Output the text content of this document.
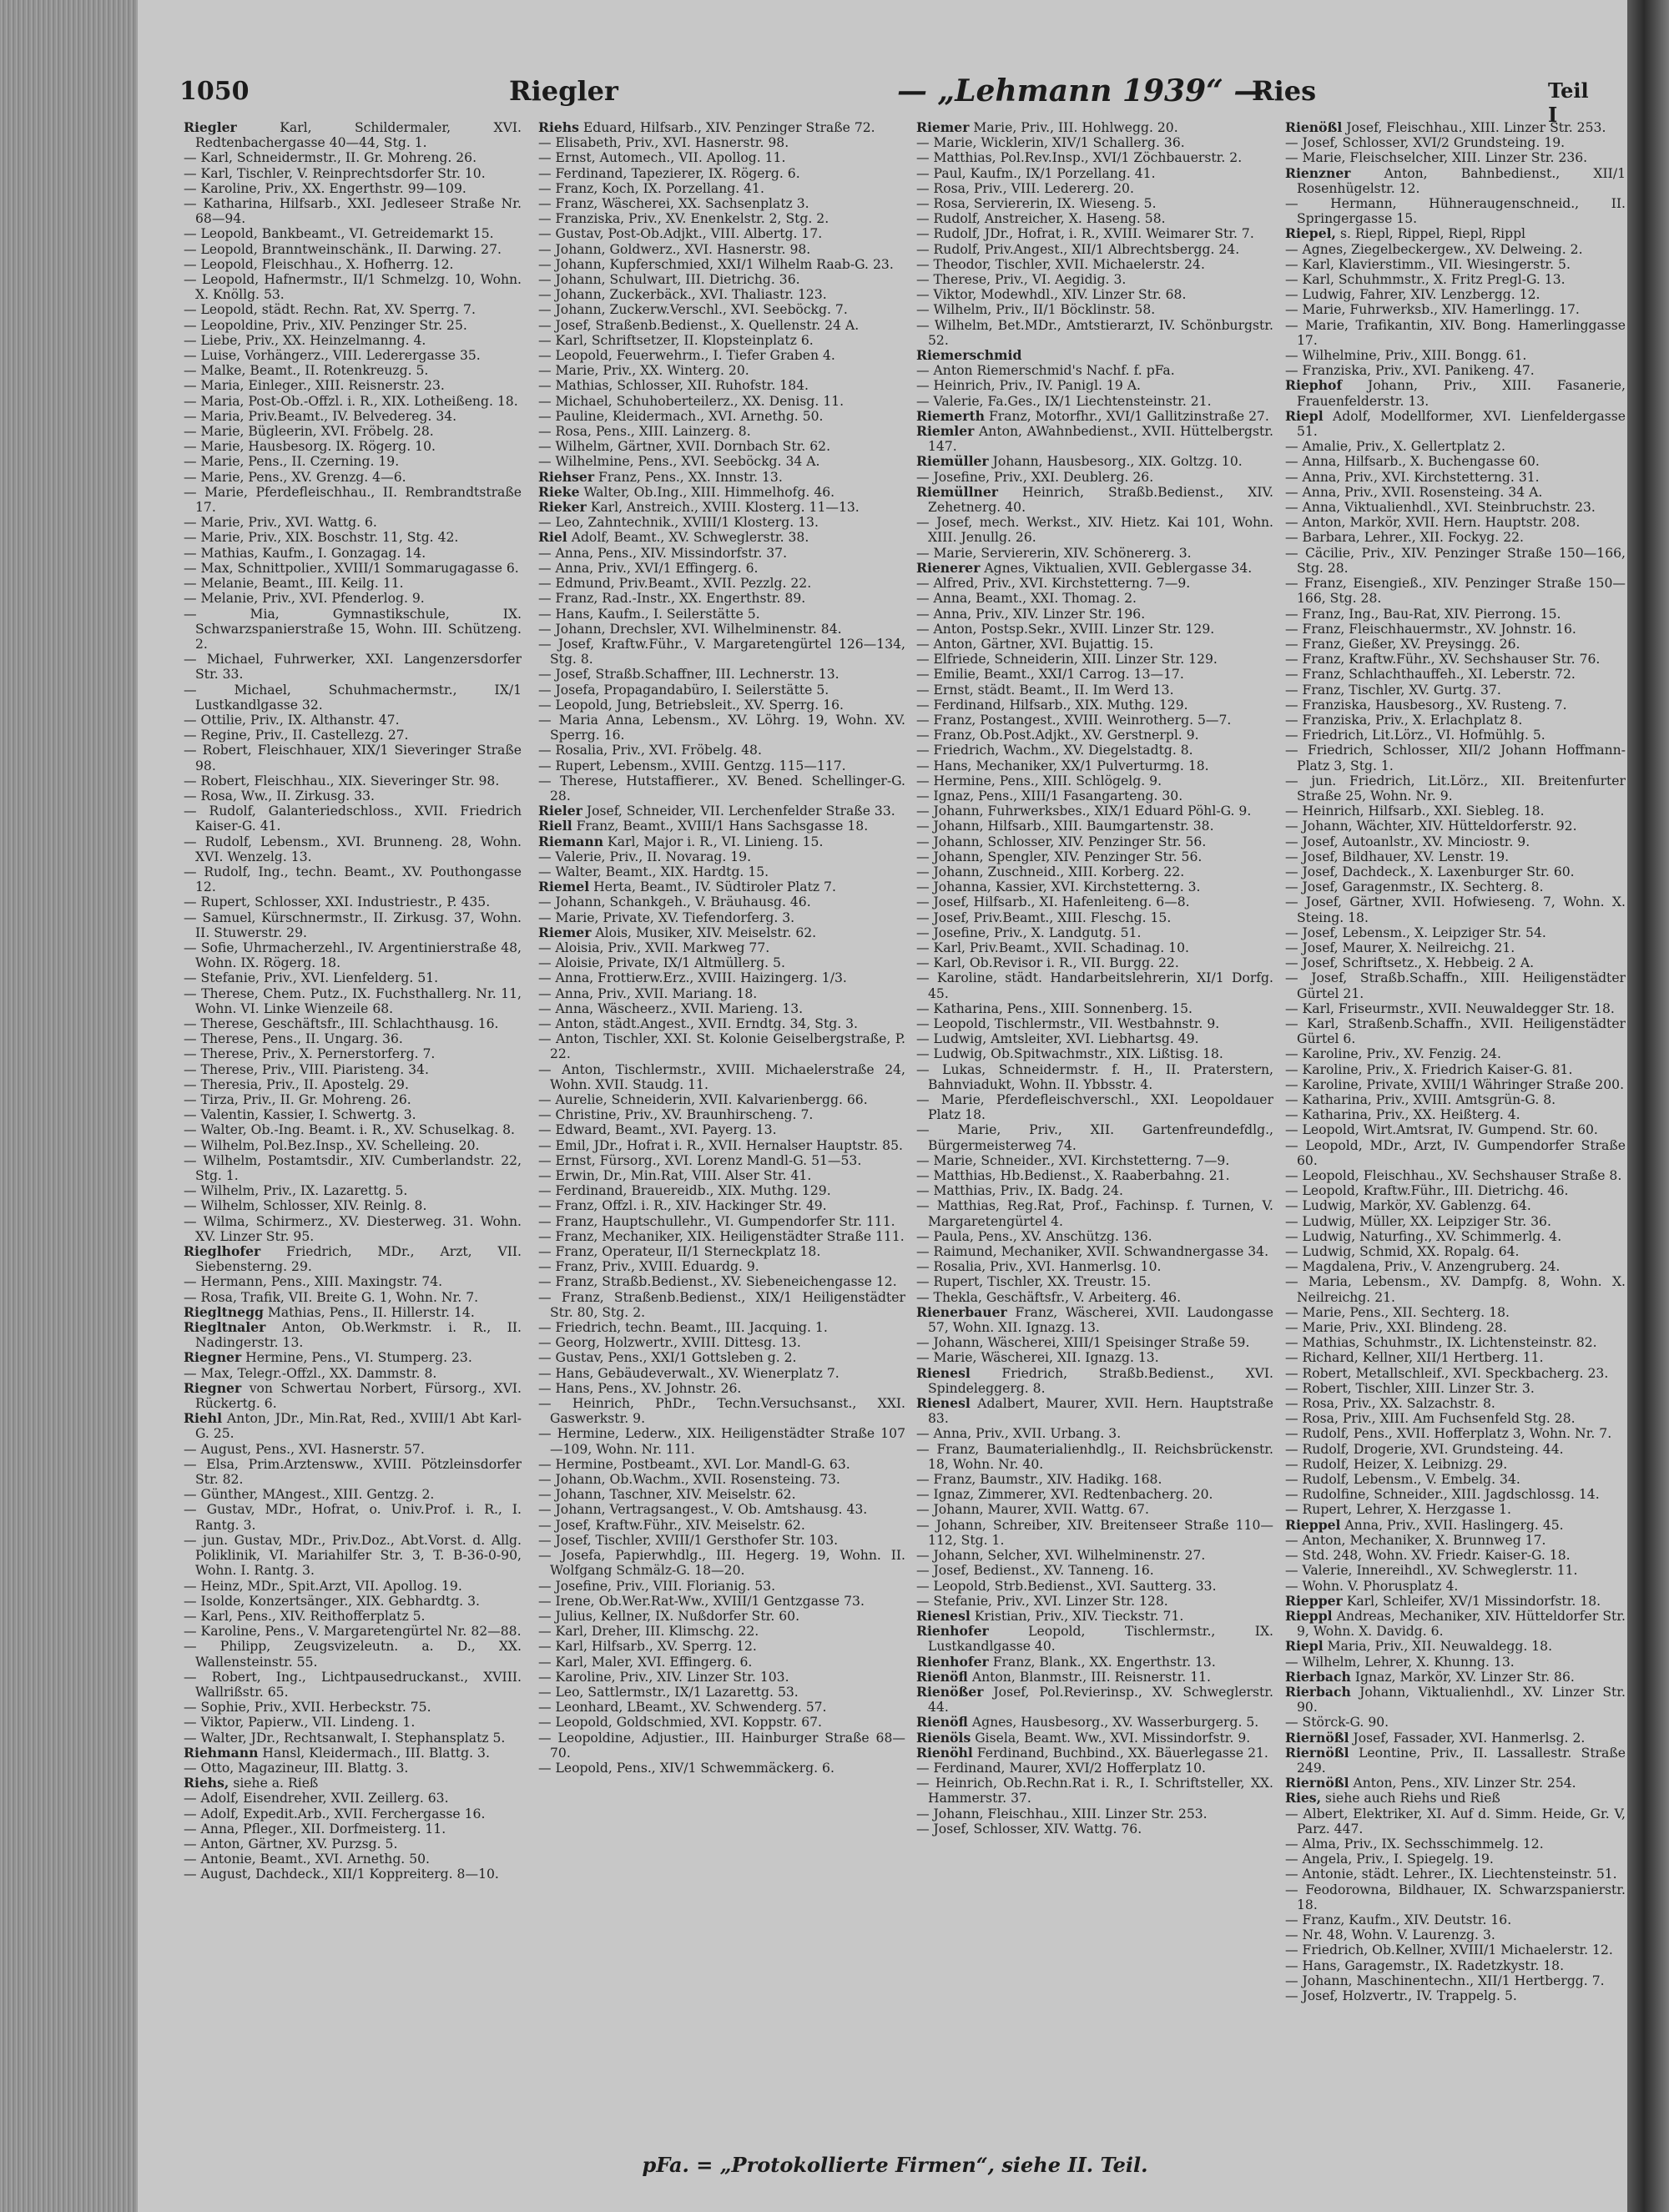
1050	Riegler	— „Lehmann 1939“ —
Ries	Teil I
Riegler Karl, Schildermaler, XVI. Redtenbachergasse 40—44, Stg. 1.
— Karl, Schneidermstr., II. Gr. Mohreng. 26.
— Karl, Tischler, V. Reinprechtsdorfer Str. 10.
— Karoline, Priv., XX. Engerthstr. 99—109.
— Katharina, Hilfsarb., XXI. Jedleseer Straße Nr. 68—94.
— Leopold, Bankbeamt., VI. Getreidemarkt 15.
— Leopold, Branntweinschänk., II. Darwing. 27.
— Leopold, Fleischhau., X. Hofherrg. 12.
— Leopold, Hafnermstr., II/1 Schmelzg. 10, Wohn. X. Knöllg. 53.
— Leopold, städt. Rechn. Rat, XV. Sperrg. 7.
— Leopoldine, Priv., XIV. Penzinger Str. 25.
— Liebe, Priv., XX. Heinzelmanng. 4.
— Luise, Vorhängerz., VIII. Lederergasse 35.
— Malke, Beamt., II. Rotenkreuzg. 5.
— Maria, Einleger., XIII. Reisnerstr. 23.
— Maria, Post-Ob.-Offzl. i. R., XIX. Lotheißeng. 18.
— Maria, Priv.Beamt., IV. Belvedereg. 34.
— Marie, Bügleerin, XVI. Fröbelg. 28.
— Marie, Hausbesorg. IX. Rögerg. 10.
— Marie, Pens., II. Czerning. 19.
— Marie, Pens., XV. Grenzg. 4—6.
— Marie, Pferdefleischhau., II. Rembrandtstraße 17.
— Marie, Priv., XVI. Wattg. 6.
— Marie, Priv., XIX. Boschstr. 11, Stg. 42.
— Mathias, Kaufm., I. Gonzagag. 14.
— Max, Schnittpolier., XVIII/1 Sommarugagasse 6.
— Melanie, Beamt., III. Keilg. 11.
— Melanie, Priv., XVI. Pfenderlog. 9.
— Mia, Gymnastikschule, IX. Schwarzspanierstraße 15, Wohn. III. Schützeng. 2.
— Michael, Fuhrwerker, XXI. Langenzersdorfer Str. 33.
— Michael, Schuhmachermstr., IX/1 Lustkandlgasse 32.
— Ottilie, Priv., IX. Althanstr. 47.
— Regine, Priv., II. Castellezg. 27.
— Robert, Fleischhauer, XIX/1 Sieveringer Straße 98.
— Robert, Fleischhau., XIX. Sieveringer Str. 98.
— Rosa, Ww., II. Zirkusg. 33.
— Rudolf, Galanteriedschloss., XVII. Friedrich Kaiser-G. 41.
— Rudolf, Lebensm., XVI. Brunneng. 28, Wohn. XVI. Wenzelg. 13.
— Rudolf, Ing., techn. Beamt., XV. Pouthongasse 12.
— Rupert, Schlosser, XXI. Industriestr., P. 435.
— Samuel, Kürschnermstr., II. Zirkusg. 37, Wohn. II. Stuwerstr. 29.
— Sofie, Uhrmacherzehl., IV. Argentinierstraße 48, Wohn. IX. Rögerg. 18.
— Stefanie, Priv., XVI. Lienfelderg. 51.
— Therese, Chem. Putz., IX. Fuchsthallerg. Nr. 11, Wohn. VI. Linke Wienzeile 68.
— Therese, Geschäftsfr., III. Schlachthausg. 16.
— Therese, Pens., II. Ungarg. 36.
— Therese, Priv., X. Pernerstorferg. 7.
— Therese, Priv., VIII. Piaristeng. 34.
— Theresia, Priv., II. Apostelg. 29.
— Tirza, Priv., II. Gr. Mohreng. 26.
— Valentin, Kassier, I. Schwertg. 3.
— Walter, Ob.-Ing. Beamt. i. R., XV. Schuselkag. 8.
— Wilhelm, Pol.Bez.Insp., XV. Schelleing. 20.
— Wilhelm, Postamtsdir., XIV. Cumberlandstr. 22, Stg. 1.
— Wilhelm, Priv., IX. Lazarettg. 5.
— Wilhelm, Schlosser, XIV. Reinlg. 8.
— Wilma, Schirmerz., XV. Diesterweg. 31. Wohn. XV. Linzer Str. 95.
Rieglhofer Friedrich, MDr., Arzt, VII. Siebensterng. 29.
— Hermann, Pens., XIII. Maxingstr. 74.
— Rosa, Trafik, VII. Breite G. 1, Wohn. Nr. 7.
Riegltnegg Mathias, Pens., II. Hillerstr. 14.
Riegltnaler Anton, Ob.Werkmstr. i. R., II. Nadingerstr. 13.
Riegner Hermine, Pens., VI. Stumperg. 23.
— Max, Telegr.-Offzl., XX. Dammstr. 8.
Riegner von Schwertau Norbert, Fürsorg., XVI. Rückertg. 6.
Riehl Anton, JDr., Min.Rat, Red., XVIII/1 Abt Karl-G. 25.
— August, Pens., XVI. Hasnerstr. 57.
— Elsa, Prim.Arztensww., XVIII. Pötzleinsdorfer Str. 82.
— Günther, MAngest., XIII. Gentzg. 2.
— Gustav, MDr., Hofrat, o. Univ.Prof. i. R., I. Rantg. 3.
— jun. Gustav, MDr., Priv.Doz., Abt.Vorst. d. Allg. Poliklinik, VI. Mariahilfer Str. 3, T. B-36-0-90, Wohn. I. Rantg. 3.
— Heinz, MDr., Spit.Arzt, VII. Apollog. 19.
— Isolde, Konzertsänger., XIX. Gebhardtg. 3.
— Karl, Pens., XIV. Reithofferplatz 5.
— Karoline, Pens., V. Margaretengürtel Nr. 82—88.
— Philipp, Zeugsvizeleutn. a. D., XX. Wallensteinstr. 55.
— Robert, Ing., Lichtpausedruckanst., XVIII. Wallrißstr. 65.
— Sophie, Priv., XVII. Herbeckstr. 75.
— Viktor, Papierw., VII. Lindeng. 1.
— Walter, JDr., Rechtsanwalt, I. Stephansplatz 5.
Riehmann Hansl, Kleidermach., III. Blattg. 3.
— Otto, Magazineur, III. Blattg. 3.
Riehs, siehe a. Rieß
— Adolf, Eisendreher, XVII. Zeillerg. 63.
— Adolf, Expedit.Arb., XVII. Ferchergasse 16.
— Anna, Pfleger., XII. Dorfmeisterg. 11.
— Anton, Gärtner, XV. Purzsg. 5.
— Antonie, Beamt., XVI. Arnethg. 50.
— August, Dachdeck., XII/1 Koppreiterg. 8—10.
Riehs Eduard, Hilfsarb., XIV. Penzinger Straße 72.
— Elisabeth, Priv., XVI. Hasnerstr. 98.
— Ernst, Automech., VII. Apollog. 11.
— Ferdinand, Tapezierer, IX. Rögerg. 6.
— Franz, Koch, IX. Porzellang. 41.
— Franz, Wäscherei, XX. Sachsenplatz 3.
— Franziska, Priv., XV. Enenkelstr. 2, Stg. 2.
— Gustav, Post-Ob.Adjkt., VIII. Albertg. 17.
— Johann, Goldwerz., XVI. Hasnerstr. 98.
— Johann, Kupferschmied, XXI/1 Wilhelm Raab-G. 23.
— Johann, Schulwart, III. Dietrichg. 36.
— Johann, Zuckerbäck., XVI. Thaliastr. 123.
— Johann, Zuckerw.Verschl., XVI. Seeböckg. 7.
— Josef, Straßenb.Bedienst., X. Quellenstr. 24 A.
— Karl, Schriftsetzer, II. Klopsteinplatz 6.
— Leopold, Feuerwehrm., I. Tiefer Graben 4.
— Marie, Priv., XX. Winterg. 20.
— Mathias, Schlosser, XII. Ruhofstr. 184.
— Michael, Schuhoberteilerz., XX. Denisg. 11.
— Pauline, Kleidermach., XVI. Arnethg. 50.
— Rosa, Pens., XIII. Lainzerg. 8.
— Wilhelm, Gärtner, XVII. Dornbach Str. 62.
— Wilhelmine, Pens., XVI. Seeböckg. 34 A.
Riehser Franz, Pens., XX. Innstr. 13.
Rieke Walter, Ob.Ing., XIII. Himmelhofg. 46.
Rieker Karl, Anstreich., XVIII. Klosterg. 11—13.
— Leo, Zahntechnik., XVIII/1 Klosterg. 13.
Riel Adolf, Beamt., XV. Schweglerstr. 38.
— Anna, Pens., XIV. Missindorfstr. 37.
— Anna, Priv., XVI/1 Effingerg. 6.
— Edmund, Priv.Beamt., XVII. Pezzlg. 22.
— Franz, Rad.-Instr., XX. Engerthstr. 89.
— Hans, Kaufm., I. Seilerstätte 5.
— Johann, Drechsler, XVI. Wilhelminenstr. 84.
— Josef, Kraftw.Führ., V. Margaretengürtel 126—134, Stg. 8.
— Josef, Straßb.Schaffner, III. Lechnerstr. 13.
— Josefa, Propagandabüro, I. Seilerstätte 5.
— Leopold, Jung, Betriebsleit., XV. Sperrg. 16.
— Maria Anna, Lebensm., XV. Löhrg. 19, Wohn. XV. Sperrg. 16.
— Rosalia, Priv., XVI. Fröbelg. 48.
— Rupert, Lebensm., XVIII. Gentzg. 115—117.
— Therese, Hutstaffierer., XV. Bened. Schellinger-G. 28.
Rieler Josef, Schneider, VII. Lerchenfelder Straße 33.
Riell Franz, Beamt., XVIII/1 Hans Sachsgasse 18.
Riemann Karl, Major i. R., VI. Linieng. 15.
— Valerie, Priv., II. Novarag. 19.
— Walter, Beamt., XIX. Hardtg. 15.
Riemel Herta, Beamt., IV. Südtiroler Platz 7.
— Johann, Schankgeh., V. Bräuhausg. 46.
— Marie, Private, XV. Tiefendorferg. 3.
Riemer Alois, Musiker, XIV. Meiselstr. 62.
— Aloisia, Priv., XVII. Markweg 77.
— Aloisie, Private, IX/1 Altmüllerg. 5.
— Anna, Frottierw.Erz., XVIII. Haizingerg. 1/3.
— Anna, Priv., XVII. Mariang. 18.
— Anna, Wäscheerz., XVII. Marieng. 13.
— Anton, städt.Angest., XVII. Erndtg. 34, Stg. 3.
— Anton, Tischler, XXI. St. Kolonie Geiselbergstraße, P. 22.
— Anton, Tischlermstr., XVIII. Michaelerstraße 24, Wohn. XVII. Staudg. 11.
— Aurelie, Schneiderin, XVII. Kalvarienbergg. 66.
— Christine, Priv., XV. Braunhirscheng. 7.
— Edward, Beamt., XVI. Payerg. 13.
— Emil, JDr., Hofrat i. R., XVII. Hernalser Hauptstr. 85.
— Ernst, Fürsorg., XVI. Lorenz Mandl-G. 51—53.
— Erwin, Dr., Min.Rat, VIII. Alser Str. 41.
— Ferdinand, Brauereidb., XIX. Muthg. 129.
— Franz, Offzl. i. R., XIV. Hackinger Str. 49.
— Franz, Hauptschullehr., VI. Gumpendorfer Str. 111.
— Franz, Mechaniker, XIX. Heiligenstädter Straße 111.
— Franz, Operateur, II/1 Sterneckplatz 18.
— Franz, Priv., XVIII. Eduardg. 9.
— Franz, Straßb.Bedienst., XV. Siebeneichengasse 12.
— Franz, Straßenb.Bedienst., XIX/1 Heiligenstädter Str. 80, Stg. 2.
— Friedrich, techn. Beamt., III. Jacquing. 1.
— Georg, Holzwertr., XVIII. Dittesg. 13.
— Gustav, Pens., XXI/1 Gottsleben g. 2.
— Hans, Gebäudeverwalt., XV. Wienerplatz 7.
— Hans, Pens., XV. Johnstr. 26.
— Heinrich, PhDr., Techn.Versuchsanst., XXI. Gaswerkstr. 9.
— Hermine, Lederw., XIX. Heiligenstädter Straße 107—109, Wohn. Nr. 111.
— Hermine, Postbeamt., XVI. Lor. Mandl-G. 63.
— Johann, Ob.Wachm., XVII. Rosensteing. 73.
— Johann, Taschner, XIV. Meiselstr. 62.
— Johann, Vertragsangest., V. Ob. Amtshausg. 43.
— Josef, Kraftw.Führ., XIV. Meiselstr. 62.
— Josef, Tischler, XVIII/1 Gersthofer Str. 103.
— Josefa, Papierwhdlg., III. Hegerg. 19, Wohn. II. Wolfgang Schmälz-G. 18—20.
— Josefine, Priv., VIII. Florianig. 53.
— Irene, Ob.Wer.Rat-Ww., XVIII/1 Gentzgasse 73.
— Julius, Kellner, IX. Nußdorfer Str. 60.
— Karl, Dreher, III. Klimschg. 22.
— Karl, Hilfsarb., XV. Sperrg. 12.
— Karl, Maler, XVI. Effingerg. 6.
— Karoline, Priv., XIV. Linzer Str. 103.
— Leo, Sattlermstr., IX/1 Lazarettg. 53.
— Leonhard, LBeamt., XV. Schwenderg. 57.
— Leopold, Goldschmied, XVI. Koppstr. 67.
— Leopoldine, Adjustier., III. Hainburger Straße 68—70.
— Leopold, Pens., XIV/1 Schwemmäckerg. 6.
Riemer Marie, Priv., III. Hohlwegg. 20.
— Marie, Wicklerin, XIV/1 Schallerg. 36.
— Matthias, Pol.Rev.Insp., XVI/1 Zöchbauerstr. 2.
— Paul, Kaufm., IX/1 Porzellang. 41.
— Rosa, Priv., VIII. Ledererg. 20.
— Rosa, Serviererin, IX. Wieseng. 5.
— Rudolf, Anstreicher, X. Haseng. 58.
— Rudolf, JDr., Hofrat, i. R., XVIII. Weimarer Str. 7.
— Rudolf, Priv.Angest., XII/1 Albrechtsbergg. 24.
— Theodor, Tischler, XVII. Michaelerstr. 24.
— Therese, Priv., VI. Aegidig. 3.
— Viktor, Modewhdl., XIV. Linzer Str. 68.
— Wilhelm, Priv., II/1 Böcklinstr. 58.
— Wilhelm, Bet.MDr., Amtstierarzt, IV. Schönburgstr. 52.
Riemerschmid
— Anton Riemerschmid's Nachf. f. pFa.
— Heinrich, Priv., IV. Panigl. 19 A.
— Valerie, Fa.Ges., IX/1 Liechtensteinstr. 21.
Riemerth Franz, Motorfhr., XVI/1 Gallitzinstraße 27.
Riemler Anton, AWahnbedienst., XVII. Hüttelbergstr. 147.
Riemüller Johann, Hausbesorg., XIX. Goltzg. 10.
— Josefine, Priv., XXI. Deublerg. 26.
Riemüllner Heinrich, Straßb.Bedienst., XIV. Zehetnerg. 40.
— Josef, mech. Werkst., XIV. Hietz. Kai 101, Wohn. XIII. Jenullg. 26.
— Marie, Serviererin, XIV. Schönererg. 3.
Rienerer Agnes, Viktualien, XVII. Geblergasse 34.
— Alfred, Priv., XVI. Kirchstetterng. 7—9.
— Anna, Beamt., XXI. Thomag. 2.
— Anna, Priv., XIV. Linzer Str. 196.
— Anton, Postsp.Sekr., XVIII. Linzer Str. 129.
— Anton, Gärtner, XVI. Bujattig. 15.
— Elfriede, Schneiderin, XIII. Linzer Str. 129.
— Emilie, Beamt., XXI/1 Carrog. 13—17.
— Ernst, städt. Beamt., II. Im Werd 13.
— Ferdinand, Hilfsarb., XIX. Muthg. 129.
— Franz, Postangest., XVIII. Weinrotherg. 5—7.
— Franz, Ob.Post.Adjkt., XV. Gerstnerpl. 9.
— Friedrich, Wachm., XV. Diegelstadtg. 8.
— Hans, Mechaniker, XX/1 Pulverturmg. 18.
— Hermine, Pens., XIII. Schlögelg. 9.
— Ignaz, Pens., XIII/1 Fasangarteng. 30.
— Johann, Fuhrwerksbes., XIX/1 Eduard Pöhl-G. 9.
— Johann, Hilfsarb., XIII. Baumgartenstr. 38.
— Johann, Schlosser, XIV. Penzinger Str. 56.
— Johann, Spengler, XIV. Penzinger Str. 56.
— Johann, Zuschneid., XIII. Korberg. 22.
— Johanna, Kassier, XVI. Kirchstetterng. 3.
— Josef, Hilfsarb., XI. Hafenleiteng. 6—8.
— Josef, Priv.Beamt., XIII. Fleschg. 15.
— Josefine, Priv., X. Landgutg. 51.
— Karl, Priv.Beamt., XVII. Schadinag. 10.
— Karl, Ob.Revisor i. R., VII. Burgg. 22.
— Karoline, städt. Handarbeitslehrerin, XI/1 Dorfg. 45.
— Katharina, Pens., XIII. Sonnenberg. 15.
— Leopold, Tischlermstr., VII. Westbahnstr. 9.
— Ludwig, Amtsleiter, XVI. Liebhartsg. 49.
— Ludwig, Ob.Spitwachmstr., XIX. Lißtisg. 18.
— Lukas, Schneidermstr. f. H., II. Praterstern, Bahnviadukt, Wohn. II. Ybbsstr. 4.
— Marie, Pferdefleischverschl., XXI. Leopoldauer Platz 18.
— Marie, Priv., XII. Gartenfreundefdlg., Bürgermeisterweg 74.
— Marie, Schneider., XVI. Kirchstetterng. 7—9.
— Matthias, Hb.Bedienst., X. Raaberbahng. 21.
— Matthias, Priv., IX. Badg. 24.
— Matthias, Reg.Rat, Prof., Fachinsp. f. Turnen, V. Margaretengürtel 4.
— Paula, Pens., XV. Anschützg. 136.
— Raimund, Mechaniker, XVII. Schwandnergasse 34.
— Rosalia, Priv., XVI. Hanmerlsg. 10.
— Rupert, Tischler, XX. Treustr. 15.
— Thekla, Geschäftsfr., V. Arbeiterg. 46.
Rienerbauer Franz, Wäscherei, XVII. Laudongasse 57, Wohn. XII. Ignazg. 13.
— Johann, Wäscherei, XIII/1 Speisinger Straße 59.
— Marie, Wäscherei, XII. Ignazg. 13.
Rienesl Friedrich, Straßb.Bedienst., XVI. Spindeleggerg. 8.
Rienesl Adalbert, Maurer, XVII. Hern. Hauptstraße 83.
— Anna, Priv., XVII. Urbang. 3.
— Franz, Baumaterialienhdlg., II. Reichsbrückenstr. 18, Wohn. Nr. 40.
— Franz, Baumstr., XIV. Hadikg. 168.
— Ignaz, Zimmerer, XVI. Redtenbacherg. 20.
— Johann, Maurer, XVII. Wattg. 67.
— Johann, Schreiber, XIV. Breitenseer Straße 110—112, Stg. 1.
— Johann, Selcher, XVI. Wilhelminenstr. 27.
— Josef, Bedienst., XV. Tanneng. 16.
— Leopold, Strb.Bedienst., XVI. Sautterg. 33.
— Stefanie, Priv., XVI. Linzer Str. 128.
Rienesl Kristian, Priv., XIV. Tieckstr. 71.
Rienhofer Leopold, Tischlermstr., IX. Lustkandlgasse 40.
Rienhofer Franz, Blank., XX. Engerthstr. 13.
Rienöfl Anton, Blanmstr., III. Reisnerstr. 11.
Rienößer Josef, Pol.Revierinsp., XV. Schweglerstr. 44.
Rienöfl Agnes, Hausbesorg., XV. Wasserburgerg. 5.
Rienöls Gisela, Beamt. Ww., XVI. Missindorfstr. 9.
Rienöhl Ferdinand, Buchbind., XX. Bäuerlegasse 21.
— Ferdinand, Maurer, XVI/2 Hofferplatz 10.
— Heinrich, Ob.Rechn.Rat i. R., I. Schriftsteller, XX. Hammerstr. 37.
— Johann, Fleischhau., XIII. Linzer Str. 253.
— Josef, Schlosser, XIV. Wattg. 76.
Rienößl Josef, Fleischhau., XIII. Linzer Str. 253.
— Josef, Schlosser, XVI/2 Grundsteing. 19.
— Marie, Fleischselcher, XIII. Linzer Str. 236.
Rienzner Anton, Bahnbedienst., XII/1 Rosenhügelstr. 12.
— Hermann, Hühneraugenschneid., II. Springergasse 15.
Riepel, s. Riepl, Rippel, Riepl, Rippl
— Agnes, Ziegelbeckergew., XV. Delweing. 2.
— Karl, Klavierstimm., VII. Wiesingerstr. 5.
— Karl, Schuhmmstr., X. Fritz Pregl-G. 13.
— Ludwig, Fahrer, XIV. Lenzbergg. 12.
— Marie, Fuhrwerksb., XIV. Hamerlingg. 17.
— Marie, Trafikantin, XIV. Bong. Hamerlinggasse 17.
— Wilhelmine, Priv., XIII. Bongg. 61.
— Franziska, Priv., XVI. Panikeng. 47.
Riephof Johann, Priv., XIII. Fasanerie, Frauenfelderstr. 13.
Riepl Adolf, Modellformer, XVI. Lienfeldergasse 51.
— Amalie, Priv., X. Gellertplatz 2.
— Anna, Hilfsarb., X. Buchengasse 60.
— Anna, Priv., XVI. Kirchstetterng. 31.
— Anna, Priv., XVII. Rosensteing. 34 A.
— Anna, Viktualienhdl., XVI. Steinbruchstr. 23.
— Anton, Markör, XVII. Hern. Hauptstr. 208.
— Barbara, Lehrer., XII. Fockyg. 22.
— Cäcilie, Priv., XIV. Penzinger Straße 150—166, Stg. 28.
— Franz, Eisengieß., XIV. Penzinger Straße 150—166, Stg. 28.
— Franz, Ing., Bau-Rat, XIV. Pierrong. 15.
— Franz, Fleischhauermstr., XV. Johnstr. 16.
— Franz, Gießer, XV. Preysingg. 26.
— Franz, Kraftw.Führ., XV. Sechshauser Str. 76.
— Franz, Schlachthauffeh., XI. Leberstr. 72.
— Franz, Tischler, XV. Gurtg. 37.
— Franziska, Hausbesorg., XV. Rusteng. 7.
— Franziska, Priv., X. Erlachplatz 8.
— Friedrich, Lit.Lörz., VI. Hofmühlg. 5.
— Friedrich, Schlosser, XII/2 Johann Hoffmann-Platz 3, Stg. 1.
— jun. Friedrich, Lit.Lörz., XII. Breitenfurter Straße 25, Wohn. Nr. 9.
— Heinrich, Hilfsarb., XXI. Siebleg. 18.
— Johann, Wächter, XIV. Hütteldorferstr. 92.
— Josef, Autoanlstr., XV. Minciostr. 9.
— Josef, Bildhauer, XV. Lenstr. 19.
— Josef, Dachdeck., X. Laxenburger Str. 60.
— Josef, Garagenmstr., IX. Sechterg. 8.
— Josef, Gärtner, XVII. Hofwieseng. 7, Wohn. X. Steing. 18.
— Josef, Lebensm., X. Leipziger Str. 54.
— Josef, Maurer, X. Neilreichg. 21.
— Josef, Schriftsetz., X. Hebbeig. 2 A.
— Josef, Straßb.Schaffn., XIII. Heiligenstädter Gürtel 21.
— Karl, Friseurmstr., XVII. Neuwaldegger Str. 18.
— Karl, Straßenb.Schaffn., XVII. Heiligenstädter Gürtel 6.
— Karoline, Priv., XV. Fenzig. 24.
— Karoline, Priv., X. Friedrich Kaiser-G. 81.
— Karoline, Private, XVIII/1 Währinger Straße 200.
— Katharina, Priv., XVIII. Amtsgrün-G. 8.
— Katharina, Priv., XX. Heißterg. 4.
— Leopold, Wirt.Amtsrat, IV. Gumpend. Str. 60.
— Leopold, MDr., Arzt, IV. Gumpendorfer Straße 60.
— Leopold, Fleischhau., XV. Sechshauser Straße 8.
— Leopold, Kraftw.Führ., III. Dietrichg. 46.
— Ludwig, Markör, XV. Gablenzg. 64.
— Ludwig, Müller, XX. Leipziger Str. 36.
— Ludwig, Naturfing., XV. Schimmerlg. 4.
— Ludwig, Schmid, XX. Ropalg. 64.
— Magdalena, Priv., V. Anzengruberg. 24.
— Maria, Lebensm., XV. Dampfg. 8, Wohn. X. Neilreichg. 21.
— Marie, Pens., XII. Sechterg. 18.
— Marie, Priv., XXI. Blindeng. 28.
— Mathias, Schuhmstr., IX. Lichtensteinstr. 82.
— Richard, Kellner, XII/1 Hertberg. 11.
— Robert, Metallschleif., XVI. Speckbacherg. 23.
— Robert, Tischler, XIII. Linzer Str. 3.
— Rosa, Priv., XX. Salzachstr. 8.
— Rosa, Priv., XIII. Am Fuchsenfeld Stg. 28.
— Rudolf, Pens., XVII. Hofferplatz 3, Wohn. Nr. 7.
— Rudolf, Drogerie, XVI. Grundsteing. 44.
— Rudolf, Heizer, X. Leibnizg. 29.
— Rudolf, Lebensm., V. Embelg. 34.
— Rudolfine, Schneider., XIII. Jagdschlossg. 14.
— Rupert, Lehrer, X. Herzgasse 1.
Rieppel Anna, Priv., XVII. Haslingerg. 45.
— Anton, Mechaniker, X. Brunnweg 17.
— Std. 248, Wohn. XV. Friedr. Kaiser-G. 18.
— Valerie, Innereihdl., XV. Schweglerstr. 11.
— Wohn. V. Phorusplatz 4.
Riepper Karl, Schleifer, XV/1 Missindorfstr. 18.
Rieppl Andreas, Mechaniker, XIV. Hütteldorfer Str. 9, Wohn. X. Davidg. 6.
Riepl Maria, Priv., XII. Neuwaldegg. 18.
— Wilhelm, Lehrer, X. Khunng. 13.
Rierbach Ignaz, Markör, XV. Linzer Str. 86.
Rierbach Johann, Viktualienhdl., XV. Linzer Str. 90.
— Störck-G. 90.
Riernößl Josef, Fassader, XVI. Hanmerlsg. 2.
Riernößl Leontine, Priv., II. Lassallestr. Straße 249.
Riernößl Anton, Pens., XIV. Linzer Str. 254.
Ries, siehe auch Riehs und Rieß
— Albert, Elektriker, XI. Auf d. Simm. Heide, Gr. V, Parz. 447.
— Alma, Priv., IX. Sechsschimmelg. 12.
— Angela, Priv., I. Spiegelg. 19.
— Antonie, städt. Lehrer., IX. Liechtensteinstr. 51.
— Feodorowna, Bildhauer, IX. Schwarzspanierstr. 18.
— Franz, Kaufm., XIV. Deutstr. 16.
— Nr. 48, Wohn. V. Laurenzg. 3.
— Friedrich, Ob.Kellner, XVIII/1 Michaelerstr. 12.
— Hans, Garagemstr., IX. Radetzkystr. 18.
— Johann, Maschinentechn., XII/1 Hertbergg. 7.
— Josef, Holzvertr., IV. Trappelg. 5.
pFa. = „Protokollierte Firmen“, siehe II. Teil.
